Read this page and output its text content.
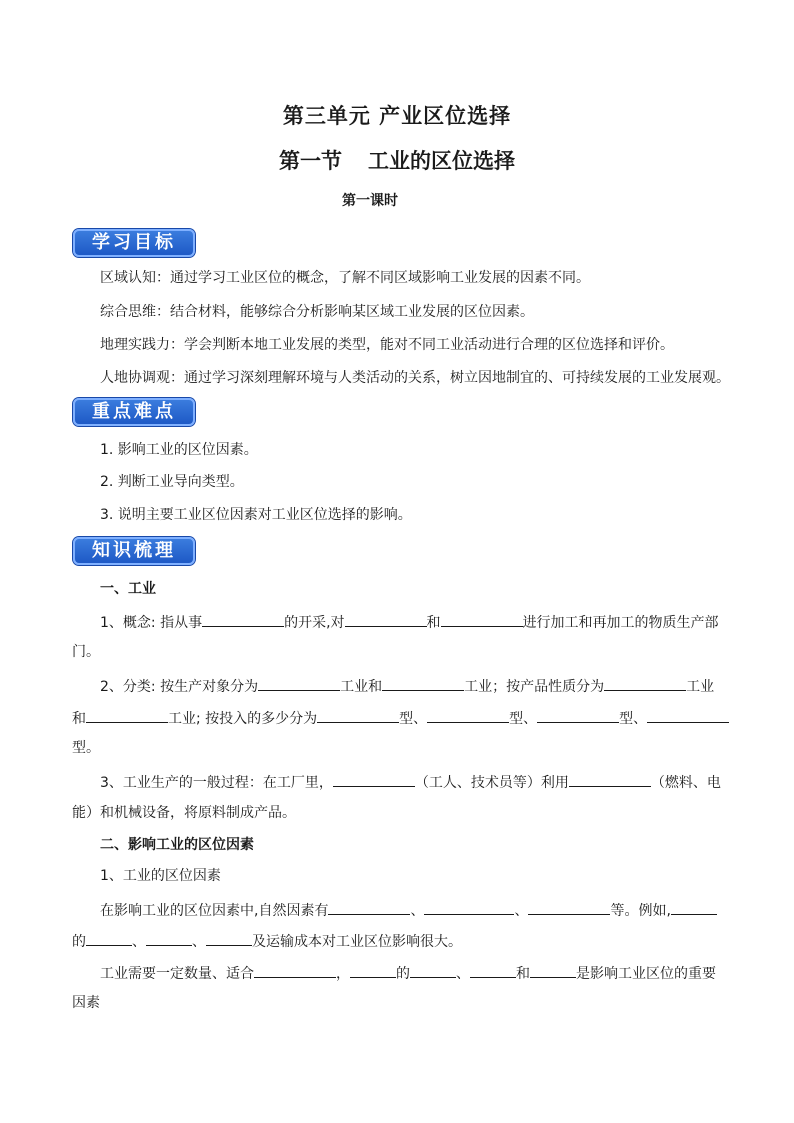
第三单元 产业区位选择
第一节 工业的区位选择
第一课时
学习目标
区域认知：通过学习工业区位的概念，了解不同区域影响工业发展的因素不同。
综合思维：结合材料，能够综合分析影响某区域工业发展的区位因素。
地理实践力：学会判断本地工业发展的类型，能对不同工业活动进行合理的区位选择和评价。
人地协调观：通过学习深刻理解环境与人类活动的关系，树立因地制宜的、可持续发展的工业发展观。
重点难点
1. 影响工业的区位因素。
2. 判断工业导向类型。
3. 说明主要工业区位因素对工业区位选择的影响。
知识梳理
一、工业
1、概念: 指从事	的开采,对	和	进行加工和再加工的物质生产部
门。
2、分类: 按生产对象分为	工业和	工业；按产品性质分为	工业
和	工业; 按投入的多少分为	型、	型、	型、
型。
3、工业生产的一般过程：在工厂里，	（工人、技术员等）利用	（燃料、电
能）和机械设备，将原料制成产品。
二、影响工业的区位因素
1、工业的区位因素
在影响工业的区位因素中,自然因素有	、	、	等。例如,
的	、	、	及运输成本对工业区位影响很大。
工业需要一定数量、适合	，	的	、	和	是影响工业区位的重要
因素
